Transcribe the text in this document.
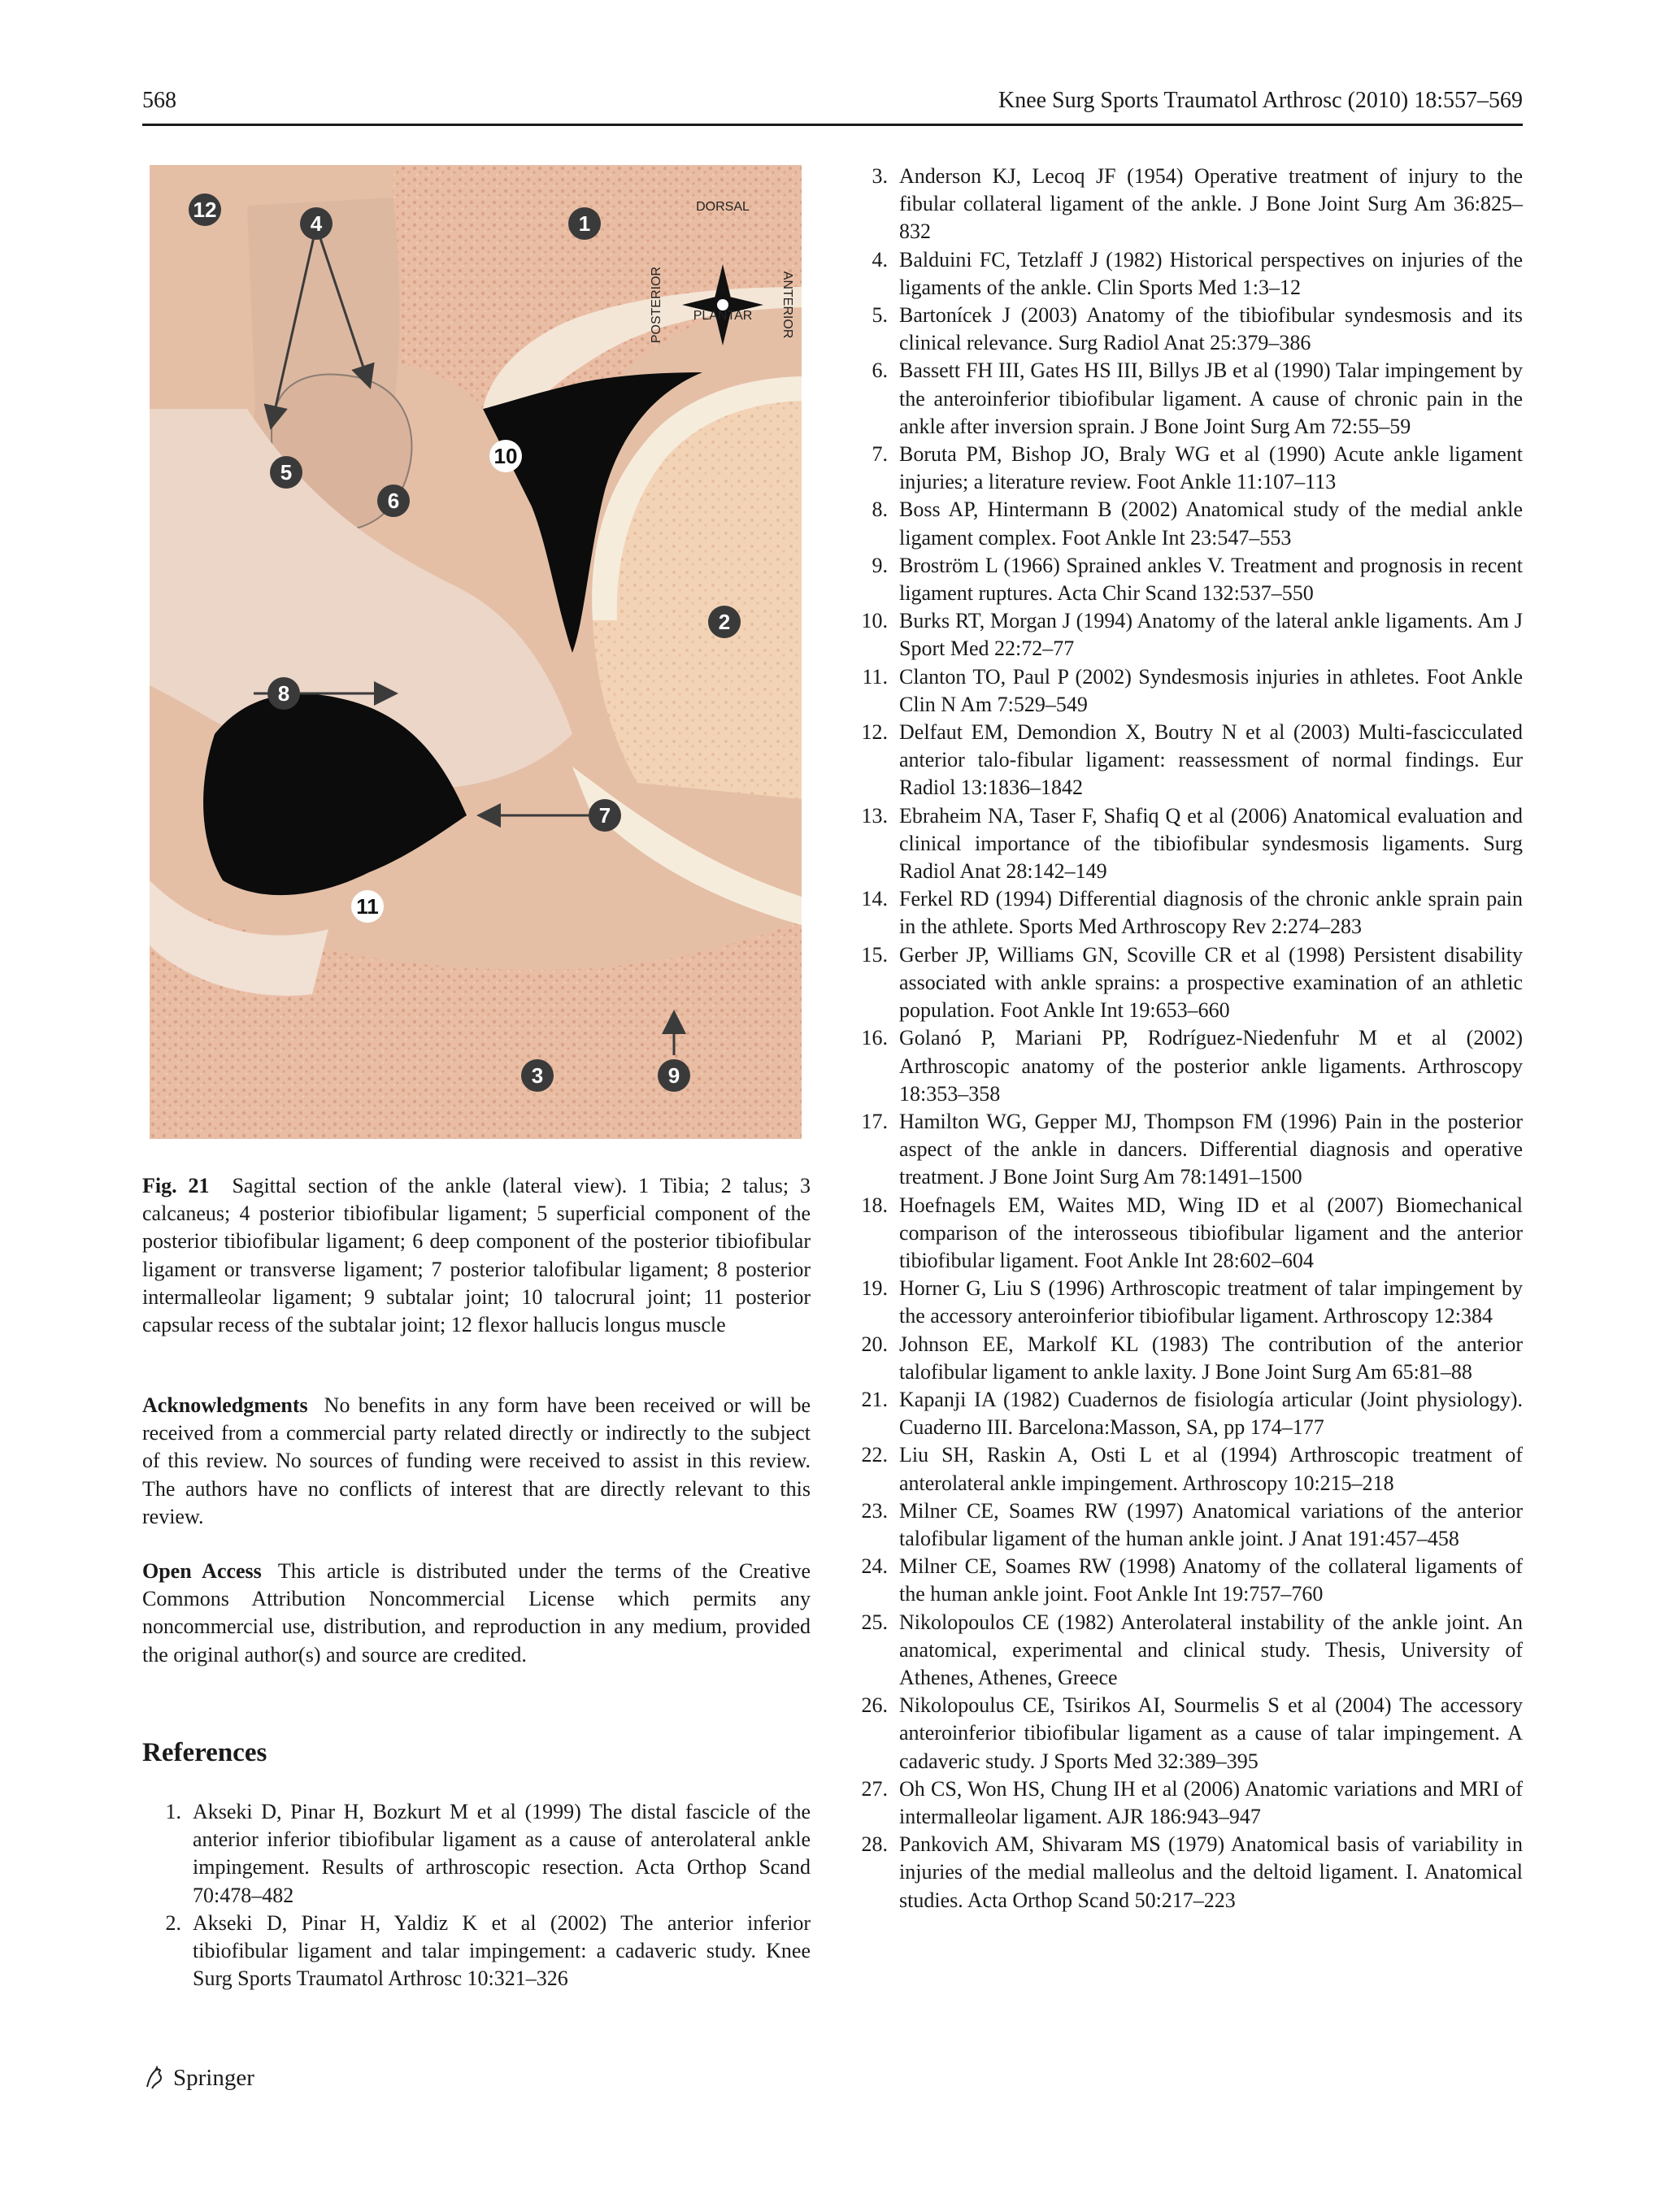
568	Knee Surg Sports Traumatol Arthrosc (2010) 18:557–569
DORSAL
PLANTAR
POSTERIOR	ANTERIOR
12
4	1
5
6
10
2
8
7
11
3	9
Fig. 21 Sagittal section of the ankle (lateral view). 1 Tibia; 2 talus; 3 calcaneus; 4 posterior tibiofibular ligament; 5 superficial component of the posterior tibiofibular ligament; 6 deep component of the posterior tibiofibular ligament or transverse ligament; 7 posterior talofibular ligament; 8 posterior intermalleolar ligament; 9 subtalar joint; 10 talocrural joint; 11 posterior capsular recess of the subtalar joint; 12 flexor hallucis longus muscle
Acknowledgments No benefits in any form have been received or will be received from a commercial party related directly or indirectly to the subject of this review. No sources of funding were received to assist in this review. The authors have no conflicts of interest that are directly relevant to this review.
Open Access This article is distributed under the terms of the Creative Commons Attribution Noncommercial License which permits any noncommercial use, distribution, and reproduction in any medium, provided the original author(s) and source are credited.
References
1. Akseki D, Pinar H, Bozkurt M et al (1999) The distal fascicle of the anterior inferior tibiofibular ligament as a cause of anterolateral ankle impingement. Results of arthroscopic resection. Acta Orthop Scand 70:478–482
2. Akseki D, Pinar H, Yaldiz K et al (2002) The anterior inferior tibiofibular ligament and talar impingement: a cadaveric study. Knee Surg Sports Traumatol Arthrosc 10:321–326
3. Anderson KJ, Lecoq JF (1954) Operative treatment of injury to the fibular collateral ligament of the ankle. J Bone Joint Surg Am 36:825–832
4. Balduini FC, Tetzlaff J (1982) Historical perspectives on injuries of the ligaments of the ankle. Clin Sports Med 1:3–12
5. Bartonícek J (2003) Anatomy of the tibiofibular syndesmosis and its clinical relevance. Surg Radiol Anat 25:379–386
6. Bassett FH III, Gates HS III, Billys JB et al (1990) Talar impingement by the anteroinferior tibiofibular ligament. A cause of chronic pain in the ankle after inversion sprain. J Bone Joint Surg Am 72:55–59
7. Boruta PM, Bishop JO, Braly WG et al (1990) Acute ankle ligament injuries; a literature review. Foot Ankle 11:107–113
8. Boss AP, Hintermann B (2002) Anatomical study of the medial ankle ligament complex. Foot Ankle Int 23:547–553
9. Broström L (1966) Sprained ankles V. Treatment and prognosis in recent ligament ruptures. Acta Chir Scand 132:537–550
10. Burks RT, Morgan J (1994) Anatomy of the lateral ankle ligaments. Am J Sport Med 22:72–77
11. Clanton TO, Paul P (2002) Syndesmosis injuries in athletes. Foot Ankle Clin N Am 7:529–549
12. Delfaut EM, Demondion X, Boutry N et al (2003) Multi-fascicculated anterior talo-fibular ligament: reassessment of normal findings. Eur Radiol 13:1836–1842
13. Ebraheim NA, Taser F, Shafiq Q et al (2006) Anatomical evaluation and clinical importance of the tibiofibular syndesmosis ligaments. Surg Radiol Anat 28:142–149
14. Ferkel RD (1994) Differential diagnosis of the chronic ankle sprain pain in the athlete. Sports Med Arthroscopy Rev 2:274–283
15. Gerber JP, Williams GN, Scoville CR et al (1998) Persistent disability associated with ankle sprains: a prospective examination of an athletic population. Foot Ankle Int 19:653–660
16. Golanó P, Mariani PP, Rodríguez-Niedenfuhr M et al (2002) Arthroscopic anatomy of the posterior ankle ligaments. Arthroscopy 18:353–358
17. Hamilton WG, Gepper MJ, Thompson FM (1996) Pain in the posterior aspect of the ankle in dancers. Differential diagnosis and operative treatment. J Bone Joint Surg Am 78:1491–1500
18. Hoefnagels EM, Waites MD, Wing ID et al (2007) Biomechanical comparison of the interosseous tibiofibular ligament and the anterior tibiofibular ligament. Foot Ankle Int 28:602–604
19. Horner G, Liu S (1996) Arthroscopic treatment of talar impingement by the accessory anteroinferior tibiofibular ligament. Arthroscopy 12:384
20. Johnson EE, Markolf KL (1983) The contribution of the anterior talofibular ligament to ankle laxity. J Bone Joint Surg Am 65:81–88
21. Kapanji IA (1982) Cuadernos de fisiología articular (Joint physiology). Cuaderno III. Barcelona:Masson, SA, pp 174–177
22. Liu SH, Raskin A, Osti L et al (1994) Arthroscopic treatment of anterolateral ankle impingement. Arthroscopy 10:215–218
23. Milner CE, Soames RW (1997) Anatomical variations of the anterior talofibular ligament of the human ankle joint. J Anat 191:457–458
24. Milner CE, Soames RW (1998) Anatomy of the collateral ligaments of the human ankle joint. Foot Ankle Int 19:757–760
25. Nikolopoulos CE (1982) Anterolateral instability of the ankle joint. An anatomical, experimental and clinical study. Thesis, University of Athenes, Athenes, Greece
26. Nikolopoulus CE, Tsirikos AI, Sourmelis S et al (2004) The accessory anteroinferior tibiofibular ligament as a cause of talar impingement. A cadaveric study. J Sports Med 32:389–395
27. Oh CS, Won HS, Chung IH et al (2006) Anatomic variations and MRI of intermalleolar ligament. AJR 186:943–947
28. Pankovich AM, Shivaram MS (1979) Anatomical basis of variability in injuries of the medial malleolus and the deltoid ligament. I. Anatomical studies. Acta Orthop Scand 50:217–223
Springer
